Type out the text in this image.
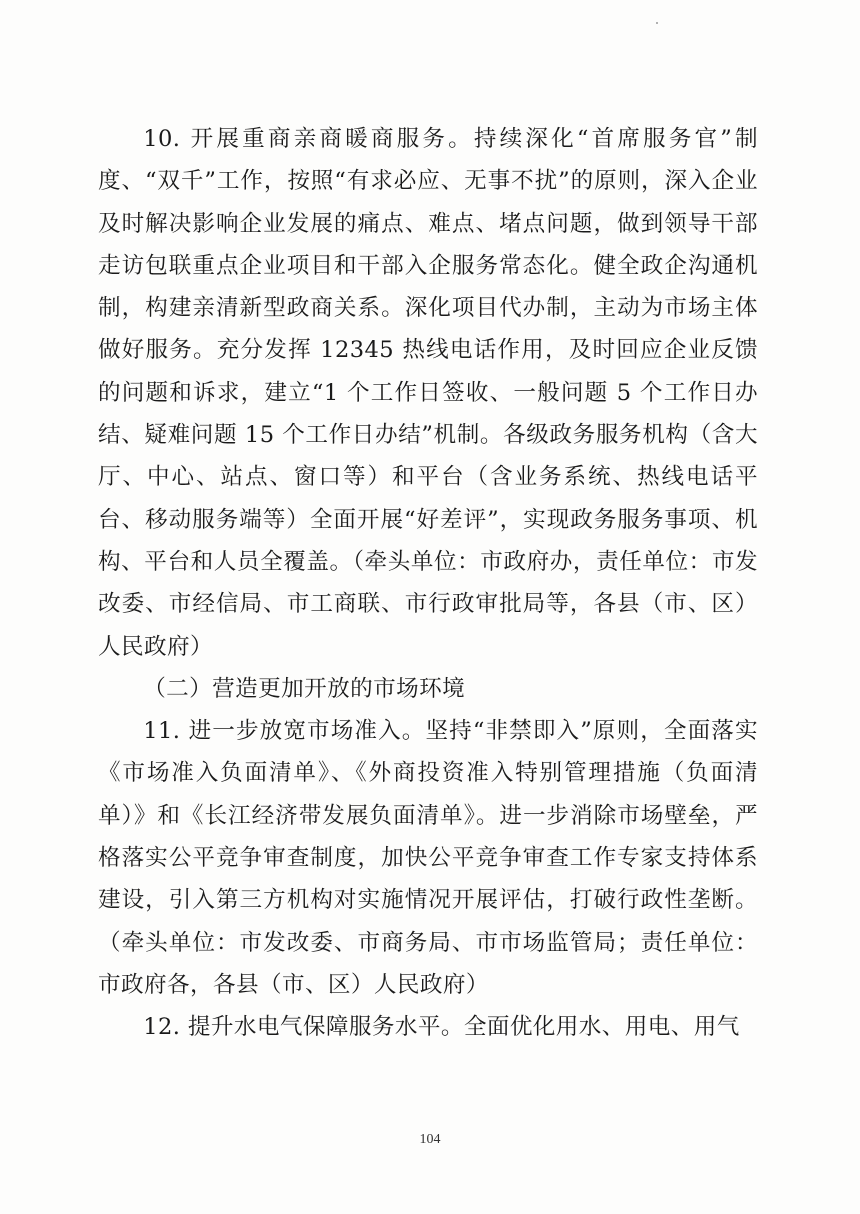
10. 开展重商亲商暖商服务。持续深化“首席服务官”制度、“双千”工作，按照“有求必应、无事不扰”的原则，深入企业及时解决影响企业发展的痛点、难点、堵点问题，做到领导干部走访包联重点企业项目和干部入企服务常态化。健全政企沟通机制，构建亲清新型政商关系。深化项目代办制，主动为市场主体做好服务。充分发挥 12345 热线电话作用，及时回应企业反馈的问题和诉求，建立“1 个工作日签收、一般问题 5 个工作日办结、疑难问题 15 个工作日办结”机制。各级政务服务机构（含大厅、中心、站点、窗口等）和平台（含业务系统、热线电话平台、移动服务端等）全面开展“好差评”，实现政务服务事项、机构、平台和人员全覆盖。（牵头单位：市政府办，责任单位：市发改委、市经信局、市工商联、市行政审批局等，各县（市、区）人民政府）

（二）营造更加开放的市场环境

11. 进一步放宽市场准入。坚持“非禁即入”原则，全面落实《市场准入负面清单》、《外商投资准入特别管理措施（负面清单）》和《长江经济带发展负面清单》。进一步消除市场壁垒，严格落实公平竞争审查制度，加快公平竞争审查工作专家支持体系建设，引入第三方机构对实施情况开展评估，打破行政性垄断。（牵头单位：市发改委、市商务局、市市场监管局；责任单位：市政府各，各县（市、区）人民政府）

12. 提升水电气保障服务水平。全面优化用水、用电、用气

104
